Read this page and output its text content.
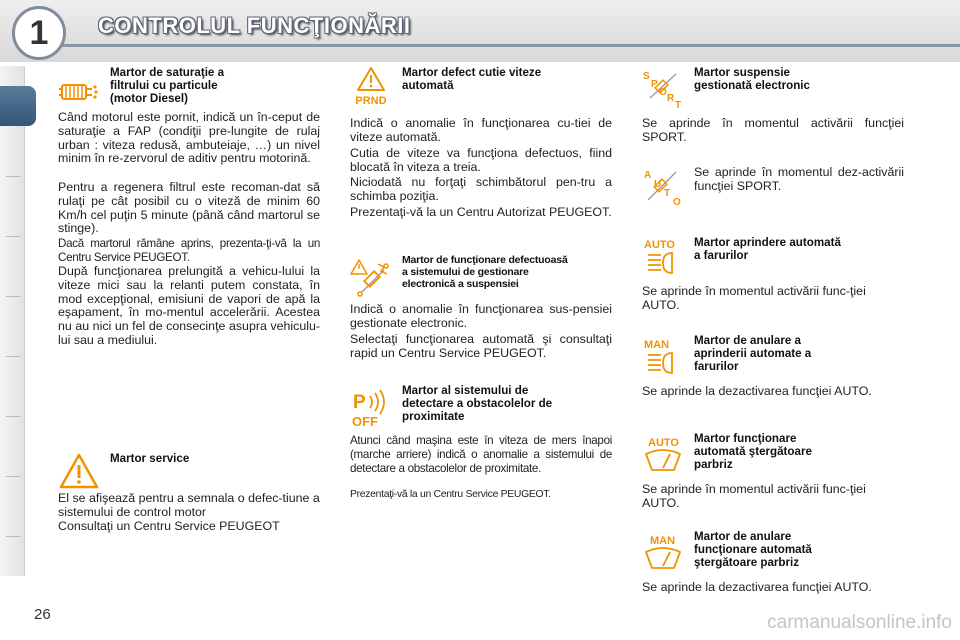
1	CONTROLUL FUNCŢIONĂRII
Martor de saturaţie a
filtrului cu particule
(motor Diesel)

Când motorul este pornit, indică un în-ceput de saturaţie a FAP (condiţii pre-lungite de rulaj urban : viteza redusă, ambuteiaje, …) un nivel minim în re-zervorul de aditiv pentru motorină.

Pentru a regenera filtrul este recoman-dat să rulaţi pe cât posibil cu o viteză de minim 60 Km/h cel puţin 5 minute (până când martorul se stinge).

Dacă martorul rămâne aprins, prezenta-ţi-vă la un Centru Service PEUGEOT.

După funcţionarea prelungită a vehicu-lului la viteze mici sau la relanti putem constata, în mod excepţional, emisiuni de vapori de apă la eşapament, în mo-mentul accelerării. Acestea nu au nici un fel de consecinţe asupra vehiculu-lui sau a mediului.

Martor service

El se afişează pentru a semnala o defec-tiune a sistemului de control motor

Consultaţi un Centru Service PEUGEOT

PRND
Martor defect cutie viteze
automată

Indică o anomalie în funcţionarea cu-tiei de viteze automată.

Cutia de viteze va funcţiona defectuos, fiind blocată în viteza a treia.

Niciodată nu forţaţi schimbătorul pen-tru a schimba poziţia.

Prezentaţi-vă la un Centru Autorizat PEUGEOT.

Martor de funcţionare defectuoasă
a sistemului de gestionare
electronică a suspensiei

Indică o anomalie în funcţionarea sus-pensiei gestionate electronic.

Selectaţi funcţionarea automată şi consultaţi rapid un Centru Service PEUGEOT.

P
OFF
Martor al sistemului de
detectare a obstacolelor de
proximitate

Atunci când maşina este în viteza de mers înapoi (marche arriere) indică o anomalie a sistemului de detectare a obstacolelor de proximitate.

Prezentaţi-vă la un Centru Service PEUGEOT.

S
P
O
R
T
Martor suspensie
gestionată electronic

Se aprinde în momentul activării funcţiei SPORT.

A
U
T
O

Se aprinde în momentul dez-activării funcţiei SPORT.

AUTO Martor aprindere automată
a farurilor

Se aprinde în momentul activării func-ţiei AUTO.

MAN Martor de anulare a
aprinderii automate a
farurilor

Se aprinde la dezactivarea funcţiei AUTO.

AUTO Martor funcţionare
automată ştergătoare
parbriz

Se aprinde în momentul activării func-ţiei AUTO.

MAN Martor de anulare
funcţionare automată
ştergătoare parbriz

Se aprinde la dezactivarea funcţiei AUTO.

26	carmanualsonline.info
